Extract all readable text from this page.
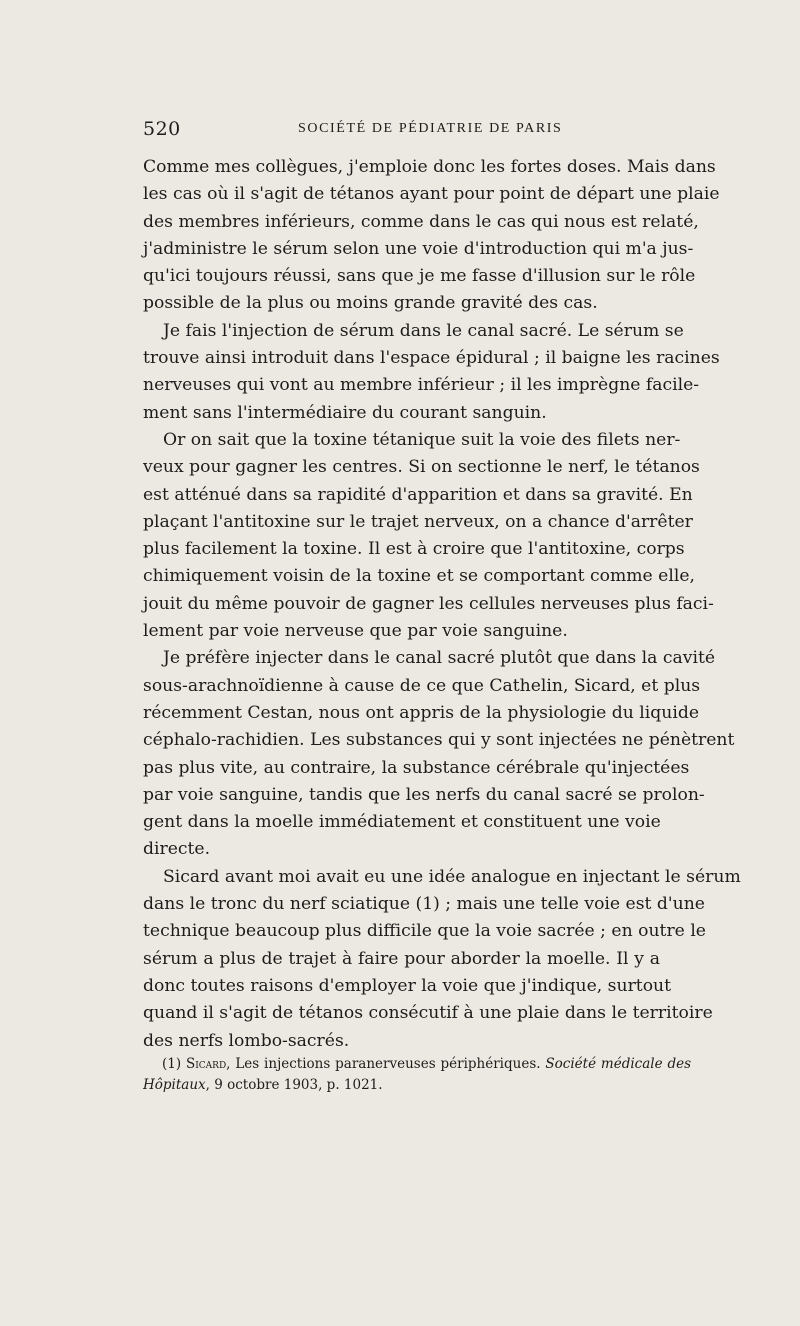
520	SOCIÉTÉ DE PÉDIATRIE DE PARIS
Comme mes collègues, j'emploie donc les fortes doses. Mais dans
les cas où il s'agit de tétanos ayant pour point de départ une plaie
des membres inférieurs, comme dans le cas qui nous est relaté,
j'administre le sérum selon une voie d'introduction qui m'a jus-
qu'ici toujours réussi, sans que je me fasse d'illusion sur le rôle
possible de la plus ou moins grande gravité des cas.
Je fais l'injection de sérum dans le canal sacré. Le sérum se
trouve ainsi introduit dans l'espace épidural ; il baigne les racines
nerveuses qui vont au membre inférieur ; il les imprègne facile-
ment sans l'intermédiaire du courant sanguin.
Or on sait que la toxine tétanique suit la voie des filets ner-
veux pour gagner les centres. Si on sectionne le nerf, le tétanos
est atténué dans sa rapidité d'apparition et dans sa gravité. En
plaçant l'antitoxine sur le trajet nerveux, on a chance d'arrêter
plus facilement la toxine. Il est à croire que l'antitoxine, corps
chimiquement voisin de la toxine et se comportant comme elle,
jouit du même pouvoir de gagner les cellules nerveuses plus faci-
lement par voie nerveuse que par voie sanguine.
Je préfère injecter dans le canal sacré plutôt que dans la cavité
sous-arachnoïdienne à cause de ce que Cathelin, Sicard, et plus
récemment Cestan, nous ont appris de la physiologie du liquide
céphalo-rachidien. Les substances qui y sont injectées ne pénètrent
pas plus vite, au contraire, la substance cérébrale qu'injectées
par voie sanguine, tandis que les nerfs du canal sacré se prolon-
gent dans la moelle immédiatement et constituent une voie
directe.
Sicard avant moi avait eu une idée analogue en injectant le sérum
dans le tronc du nerf sciatique (1) ; mais une telle voie est d'une
technique beaucoup plus difficile que la voie sacrée ; en outre le
sérum a plus de trajet à faire pour aborder la moelle. Il y a
donc toutes raisons d'employer la voie que j'indique, surtout
quand il s'agit de tétanos consécutif à une plaie dans le territoire
des nerfs lombo-sacrés.
(1) Sicard, Les injections paranerveuses périphériques. Société médicale des
Hôpitaux, 9 octobre 1903, p. 1021.
